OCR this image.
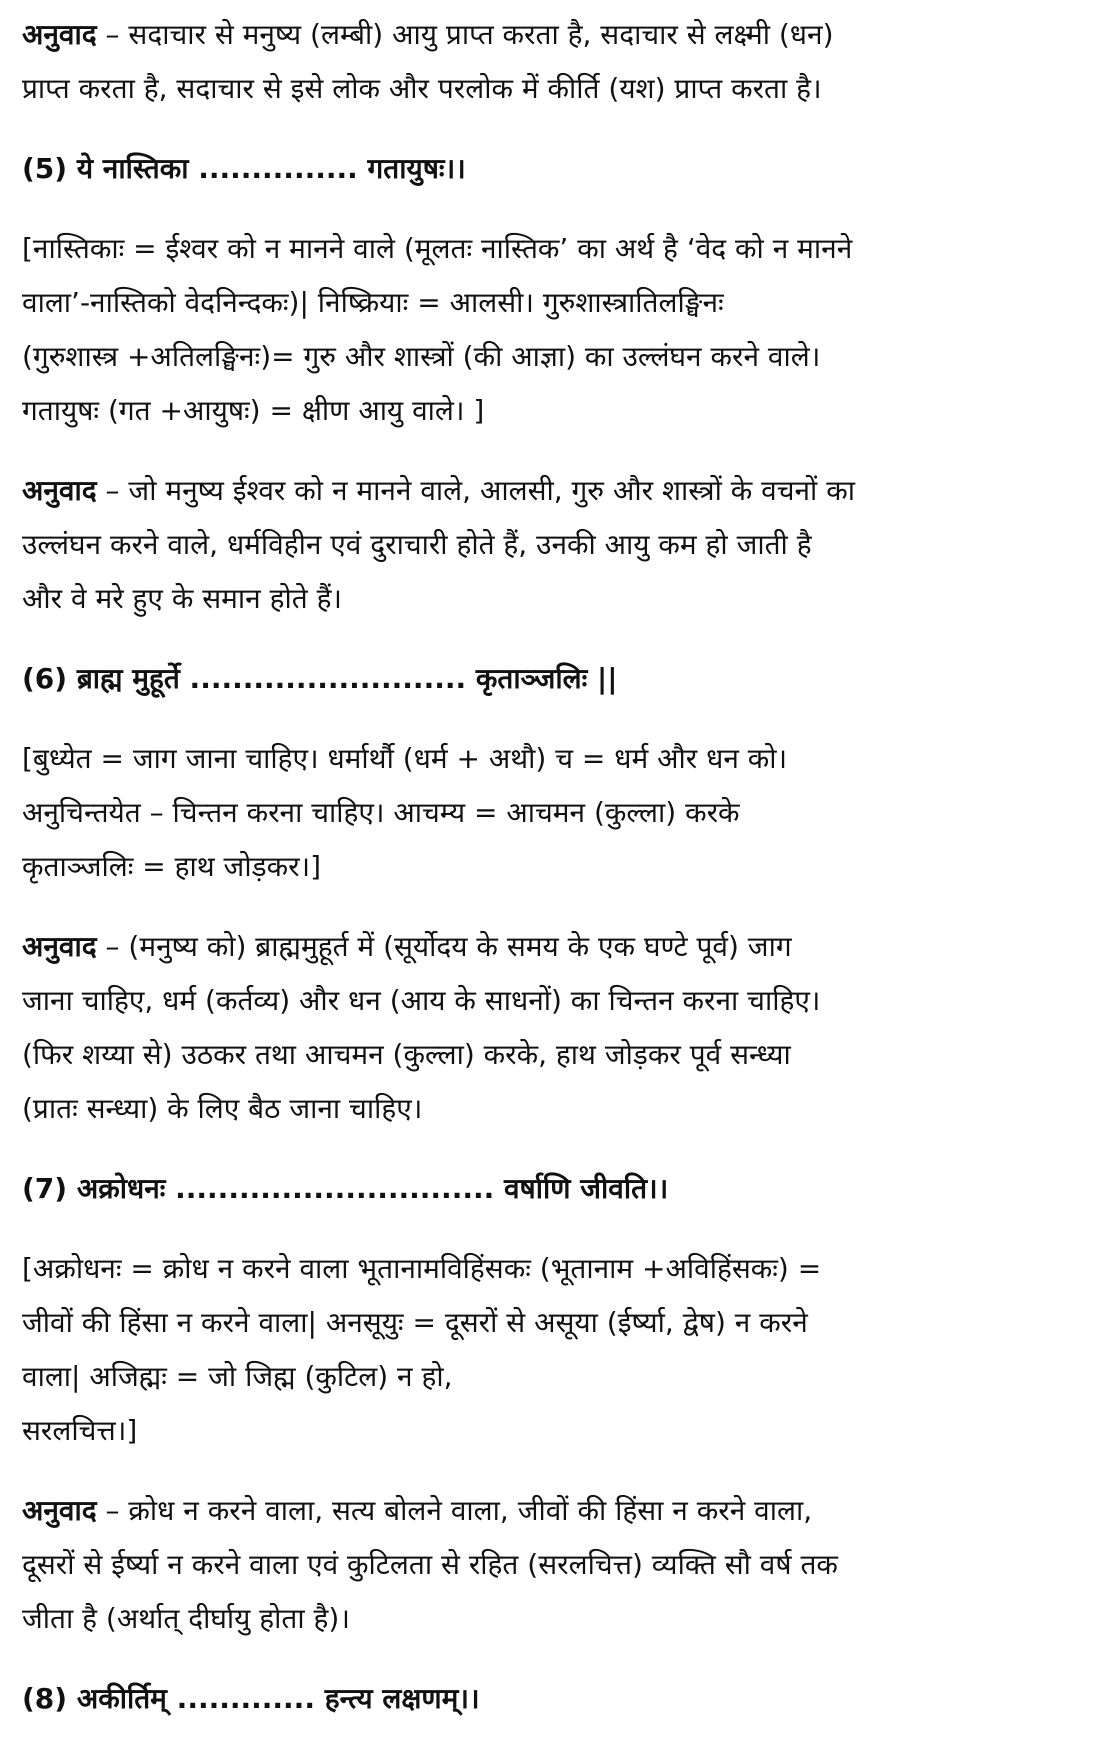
अनुवाद – सदाचार से मनुष्य (लम्बी) आयु प्राप्त करता है, सदाचार से लक्ष्मी (धन)
प्राप्त करता है, सदाचार से इसे लोक और परलोक में कीर्ति (यश) प्राप्त करता है।

(5) ये नास्तिका ............... गतायुषः।।

[नास्तिकाः = ईश्वर को न मानने वाले (मूलतः नास्तिक’ का अर्थ है ‘वेद को न मानने
वाला’-नास्तिको वेदनिन्दकः)| निष्क्रियाः = आलसी। गुरुशास्त्रातिलङ्घिनः
(गुरुशास्त्र +अतिलङ्घिनः)= गुरु और शास्त्रों (की आज्ञा) का उल्लंघन करने वाले।
गतायुषः (गत +आयुषः) = क्षीण आयु वाले। ]

अनुवाद – जो मनुष्य ईश्वर को न मानने वाले, आलसी, गुरु और शास्त्रों के वचनों का
उल्लंघन करने वाले, धर्मविहीन एवं दुराचारी होते हैं, उनकी आयु कम हो जाती है
और वे मरे हुए के समान होते हैं।

(6) ब्राह्म मुहूर्ते .......................... कृताञ्जलिः ||

[बुध्येत = जाग जाना चाहिए। धर्मार्थौ (धर्म + अथौ) च = धर्म और धन को।
अनुचिन्तयेत – चिन्तन करना चाहिए। आचम्य = आचमन (कुल्ला) करके
कृताञ्जलिः = हाथ जोड़कर।]

अनुवाद – (मनुष्य को) ब्राह्ममुहूर्त में (सूर्योदय के समय के एक घण्टे पूर्व) जाग
जाना चाहिए, धर्म (कर्तव्य) और धन (आय के साधनों) का चिन्तन करना चाहिए।
(फिर शय्या से) उठकर तथा आचमन (कुल्ला) करके, हाथ जोड़कर पूर्व सन्ध्या
(प्रातः सन्ध्या) के लिए बैठ जाना चाहिए।

(7) अक्रोधनः .............................. वर्षाणि जीवति।।

[अक्रोधनः = क्रोध न करने वाला भूतानामविहिंसकः (भूतानाम +अविहिंसकः) =
जीवों की हिंसा न करने वाला| अनसूयुः = दूसरों से असूया (ईर्ष्या, द्वेष) न करने
वाला| अजिह्मः = जो जिह्म (कुटिल) न हो,
सरलचित्त।]

अनुवाद – क्रोध न करने वाला, सत्य बोलने वाला, जीवों की हिंसा न करने वाला,
दूसरों से ईर्ष्या न करने वाला एवं कुटिलता से रहित (सरलचित्त) व्यक्ति सौ वर्ष तक
जीता है (अर्थात् दीर्घायु होता है)।

(8) अकीर्तिम् ............. हन्त्य लक्षणम्।।
